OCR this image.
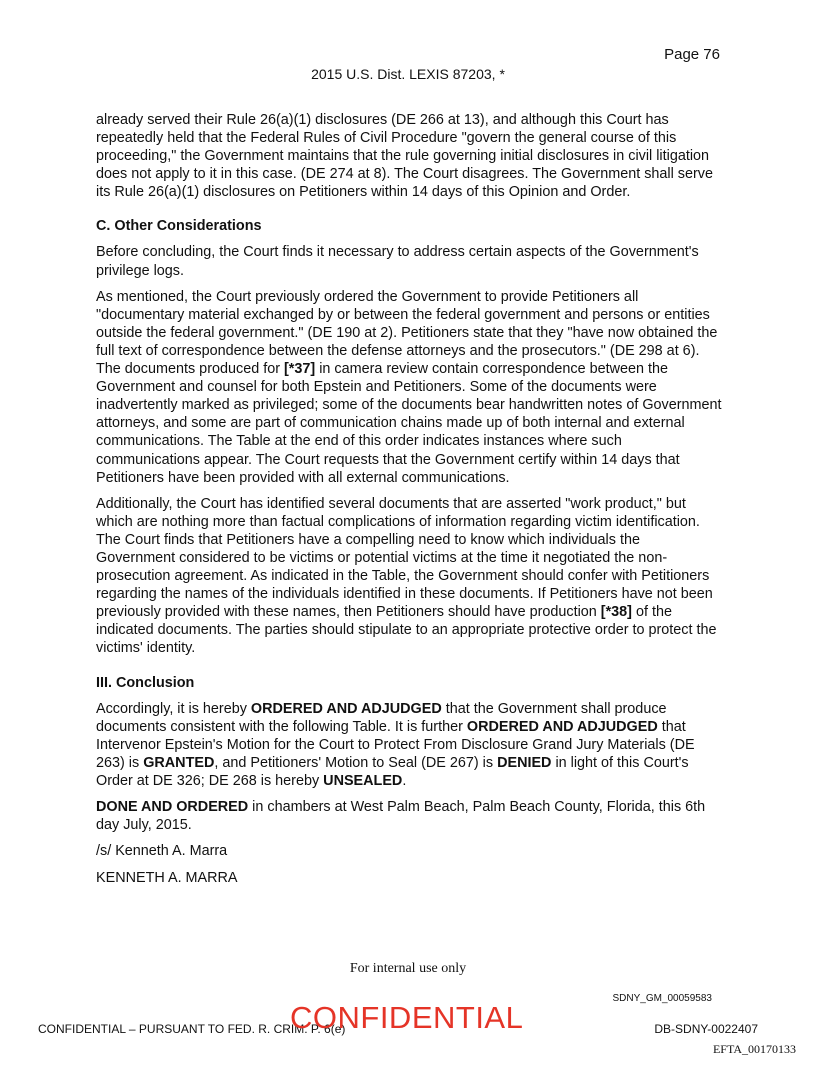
Page 76
2015 U.S. Dist. LEXIS 87203, *

already served their Rule 26(a)(1) disclosures (DE 266 at 13), and although this Court has repeatedly held that the Federal Rules of Civil Procedure "govern the general course of this proceeding," the Government maintains that the rule governing initial disclosures in civil litigation does not apply to it in this case. (DE 274 at 8). The Court disagrees. The Government shall serve its Rule 26(a)(1) disclosures on Petitioners within 14 days of this Opinion and Order.

C. Other Considerations

Before concluding, the Court finds it necessary to address certain aspects of the Government's privilege logs.

As mentioned, the Court previously ordered the Government to provide Petitioners all "documentary material exchanged by or between the federal government and persons or entities outside the federal government." (DE 190 at 2). Petitioners state that they "have now obtained the full text of correspondence between the defense attorneys and the prosecutors." (DE 298 at 6). The documents produced for [*37] in camera review contain correspondence between the Government and counsel for both Epstein and Petitioners. Some of the documents were inadvertently marked as privileged; some of the documents bear handwritten notes of Government attorneys, and some are part of communication chains made up of both internal and external communications. The Table at the end of this order indicates instances where such communications appear. The Court requests that the Government certify within 14 days that Petitioners have been provided with all external communications.

Additionally, the Court has identified several documents that are asserted "work product," but which are nothing more than factual complications of information regarding victim identification. The Court finds that Petitioners have a compelling need to know which individuals the Government considered to be victims or potential victims at the time it negotiated the non-prosecution agreement. As indicated in the Table, the Government should confer with Petitioners regarding the names of the individuals identified in these documents. If Petitioners have not been previously provided with these names, then Petitioners should have production [*38] of the indicated documents. The parties should stipulate to an appropriate protective order to protect the victims' identity.

III. Conclusion

Accordingly, it is hereby ORDERED AND ADJUDGED that the Government shall produce documents consistent with the following Table. It is further ORDERED AND ADJUDGED that Intervenor Epstein's Motion for the Court to Protect From Disclosure Grand Jury Materials (DE 263) is GRANTED, and Petitioners' Motion to Seal (DE 267) is DENIED in light of this Court's Order at DE 326; DE 268 is hereby UNSEALED.

DONE AND ORDERED in chambers at West Palm Beach, Palm Beach County, Florida, this 6th day July, 2015.

/s/ Kenneth A. Marra

KENNETH A. MARRA

For internal use only
SDNY_GM_00059583
CONFIDENTIAL – PURSUANT TO FED. R. CRIM. P. 6(e)
CONFIDENTIAL	DB-SDNY-0022407
EFTA_00170133
